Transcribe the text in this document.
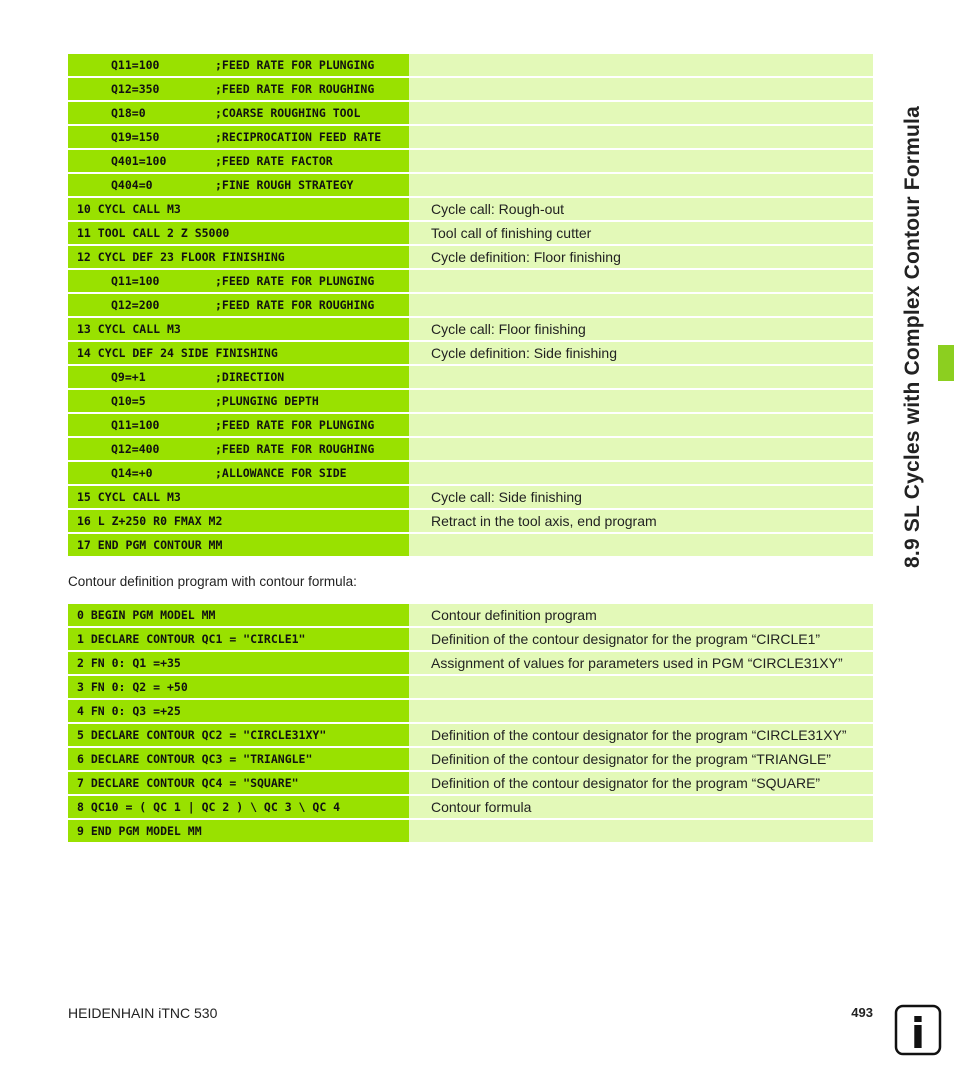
Q11=100	;FEED RATE FOR PLUNGING
Q12=350	;FEED RATE FOR ROUGHING
Q18=0	;COARSE ROUGHING TOOL
Q19=150	;RECIPROCATION FEED RATE
Q401=100	;FEED RATE FACTOR
Q404=0	;FINE ROUGH STRATEGY
10 CYCL CALL M3	Cycle call: Rough-out
11 TOOL CALL 2 Z S5000	Tool call of finishing cutter
12 CYCL DEF 23 FLOOR FINISHING	Cycle definition: Floor finishing
Q11=100	;FEED RATE FOR PLUNGING
Q12=200	;FEED RATE FOR ROUGHING
13 CYCL CALL M3	Cycle call: Floor finishing
14 CYCL DEF 24 SIDE FINISHING	Cycle definition: Side finishing
Q9=+1	;DIRECTION
Q10=5	;PLUNGING DEPTH
Q11=100	;FEED RATE FOR PLUNGING
Q12=400	;FEED RATE FOR ROUGHING
Q14=+0	;ALLOWANCE FOR SIDE
15 CYCL CALL M3	Cycle call: Side finishing
16 L Z+250 R0 FMAX M2	Retract in the tool axis, end program
17 END PGM CONTOUR MM
Contour definition program with contour formula:
0 BEGIN PGM MODEL MM	Contour definition program
1 DECLARE CONTOUR QC1 = "CIRCLE1"	Definition of the contour designator for the program “CIRCLE1”
2 FN 0: Q1 =+35	Assignment of values for parameters used in PGM “CIRCLE31XY”
3 FN 0: Q2 = +50
4 FN 0: Q3 =+25
5 DECLARE CONTOUR QC2 = "CIRCLE31XY"	Definition of the contour designator for the program “CIRCLE31XY”
6 DECLARE CONTOUR QC3 = "TRIANGLE"	Definition of the contour designator for the program “TRIANGLE”
7 DECLARE CONTOUR QC4 = "SQUARE"	Definition of the contour designator for the program “SQUARE”
8 QC10 = ( QC 1 | QC 2 ) \ QC 3 \ QC 4	Contour formula
9 END PGM MODEL MM
8.9 SL Cycles with Complex Contour Formula
HEIDENHAIN iTNC 530	493 i
